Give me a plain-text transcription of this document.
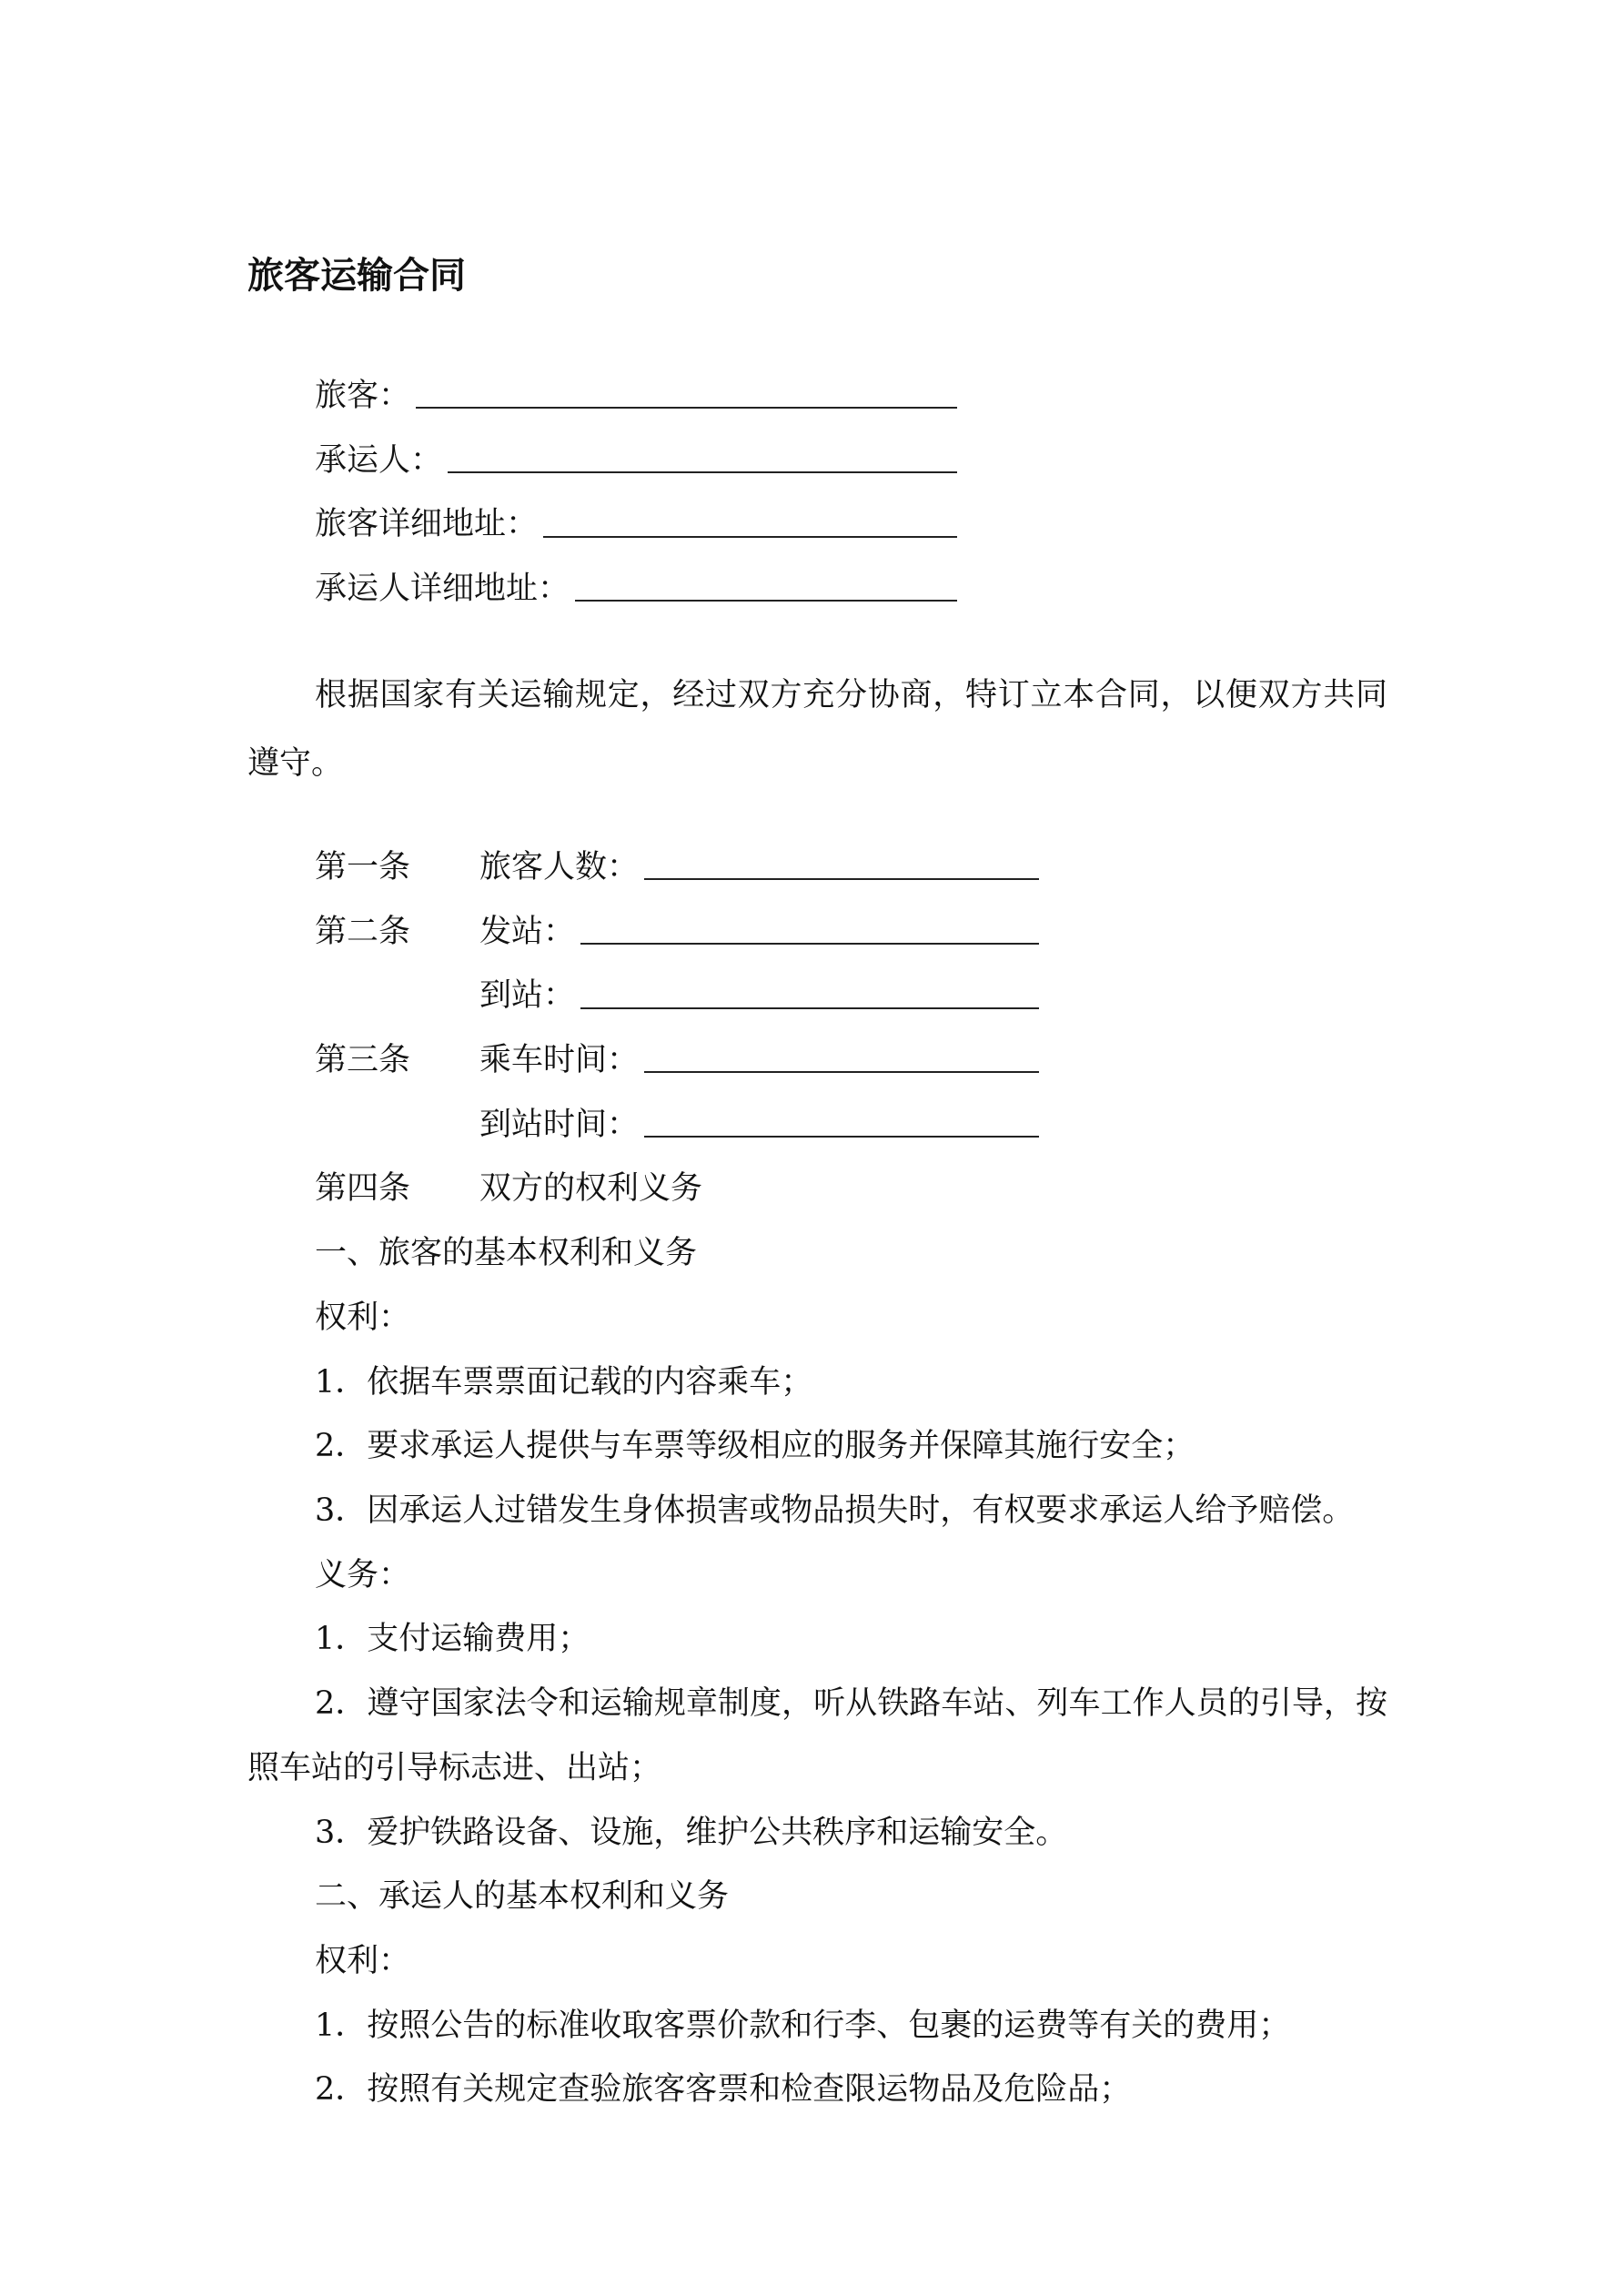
旅客运输合同
旅客：
承运人：
旅客详细地址：
承运人详细地址：
根据国家有关运输规定，经过双方充分协商，特订立本合同，以便双方共同遵守。
第一条	旅客人数：
第二条	发站：
到站：
第三条	乘车时间：
到站时间：
第四条	双方的权利义务
一、旅客的基本权利和义务
权利：
1．依据车票票面记载的内容乘车；
2．要求承运人提供与车票等级相应的服务并保障其施行安全；
3．因承运人过错发生身体损害或物品损失时，有权要求承运人给予赔偿。
义务：
1．支付运输费用；
2．遵守国家法令和运输规章制度，听从铁路车站、列车工作人员的引导，按照车站的引导标志进、出站；
3．爱护铁路设备、设施，维护公共秩序和运输安全。
二、承运人的基本权利和义务
权利：
1．按照公告的标准收取客票价款和行李、包裹的运费等有关的费用；
2．按照有关规定查验旅客客票和检查限运物品及危险品；
